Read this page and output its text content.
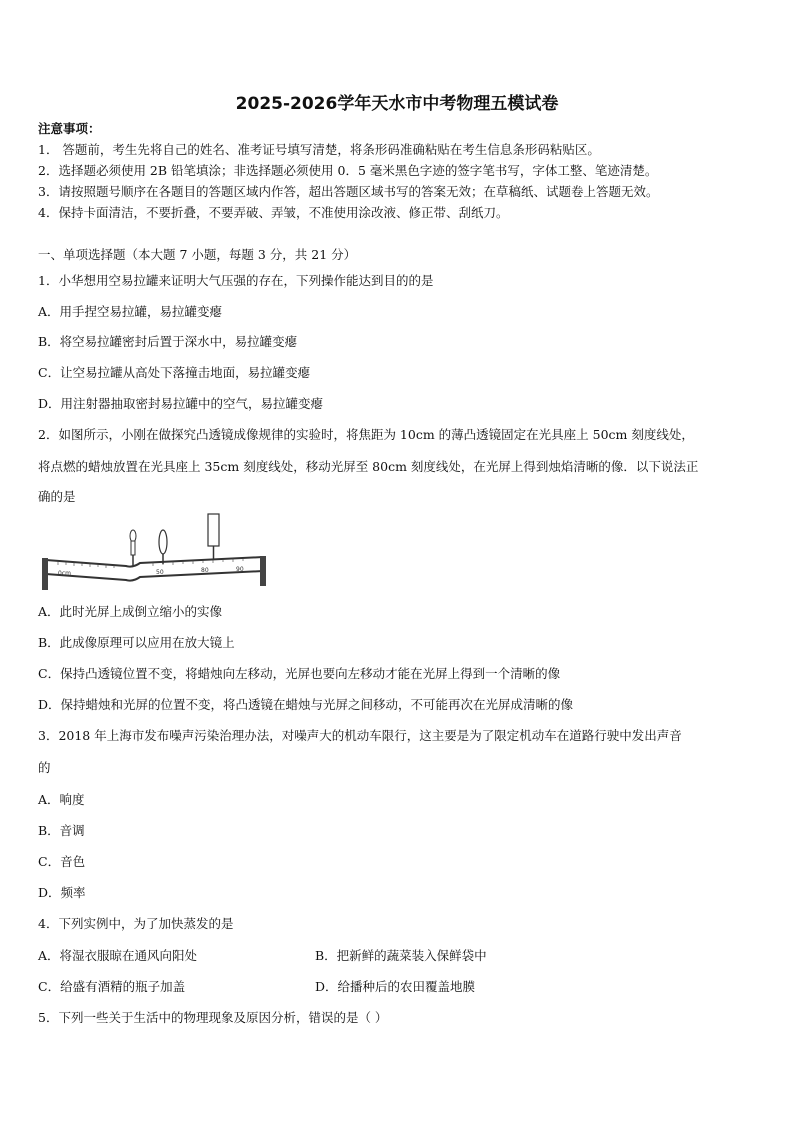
2025-2026学年天水市中考物理五模试卷
注意事项：
1． 答题前，考生先将自己的姓名、准考证号填写清楚，将条形码准确粘贴在考生信息条形码粘贴区。
2．选择题必须使用 2B 铅笔填涂；非选择题必须使用 0．5 毫米黑色字迹的签字笔书写，字体工整、笔迹清楚。
3．请按照题号顺序在各题目的答题区域内作答，超出答题区域书写的答案无效；在草稿纸、试题卷上答题无效。
4．保持卡面清洁，不要折叠，不要弄破、弄皱，不准使用涂改液、修正带、刮纸刀。
一、单项选择题（本大题 7 小题，每题 3 分，共 21 分）
1．小华想用空易拉罐来证明大气压强的存在，下列操作能达到目的的是
A．用手捏空易拉罐，易拉罐变瘪
B．将空易拉罐密封后置于深水中，易拉罐变瘪
C．让空易拉罐从高处下落撞击地面，易拉罐变瘪
D．用注射器抽取密封易拉罐中的空气，易拉罐变瘪
2．如图所示，小刚在做探究凸透镜成像规律的实验时，将焦距为 10cm 的薄凸透镜固定在光具座上 50cm 刻度线处，
将点燃的蜡烛放置在光具座上 35cm 刻度线处，移动光屏至 80cm 刻度线处，在光屏上得到烛焰清晰的像．以下说法正
确的是
0cm	50	80	90
A．此时光屏上成倒立缩小的实像
B．此成像原理可以应用在放大镜上
C．保持凸透镜位置不变，将蜡烛向左移动，光屏也要向左移动才能在光屏上得到一个清晰的像
D．保持蜡烛和光屏的位置不变，将凸透镜在蜡烛与光屏之间移动，不可能再次在光屏成清晰的像
3．2018 年上海市发布噪声污染治理办法，对噪声大的机动车限行，这主要是为了限定机动车在道路行驶中发出声音
的
A．响度
B．音调
C．音色
D．频率
4．下列实例中，为了加快蒸发的是
A．将湿衣服晾在通风向阳处	B．把新鲜的蔬菜装入保鲜袋中
C．给盛有酒精的瓶子加盖	D．给播种后的农田覆盖地膜
5．下列一些关于生活中的物理现象及原因分析，错误的是（ ）
